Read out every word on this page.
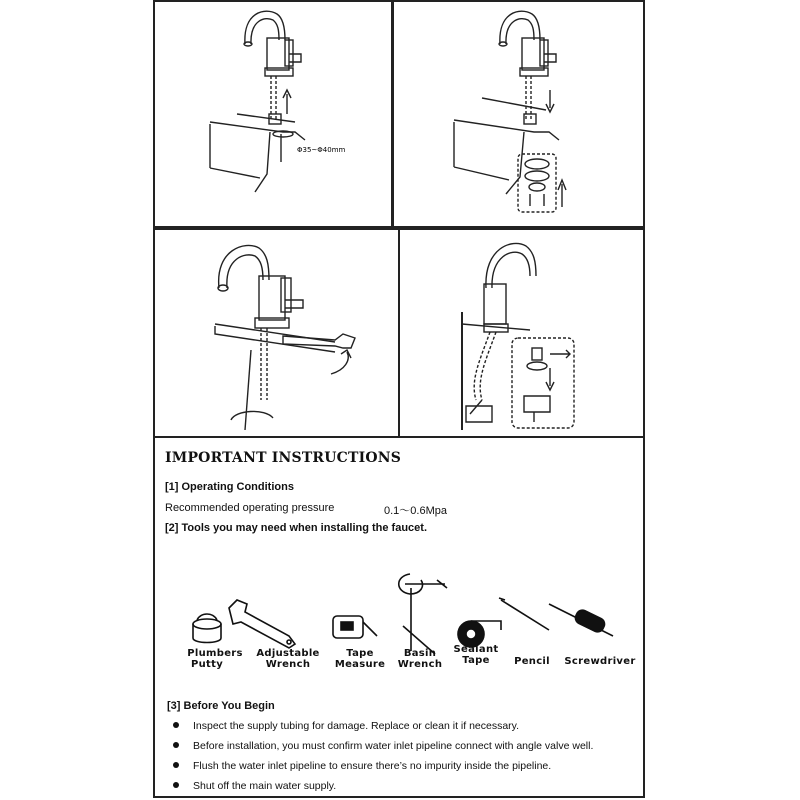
Φ35~Φ40mm
IMPORTANT INSTRUCTIONS
[1] Operating Conditions
Recommended operating pressure	0.1～0.6Mpa
[2] Tools you may need when installing the faucet.
Plumbers
Putty
Adjustable
Wrench
Tape
Measure
Basin
Wrench
Sealant
Tape	Pencil	Screwdriver
[3] Before You Begin
Inspect the supply tubing for damage. Replace or clean it if necessary.
Before installation, you must confirm water inlet pipeline connect with angle valve well.
Flush the water inlet pipeline to ensure there’s no impurity inside the pipeline.
Shut off the main water supply.
